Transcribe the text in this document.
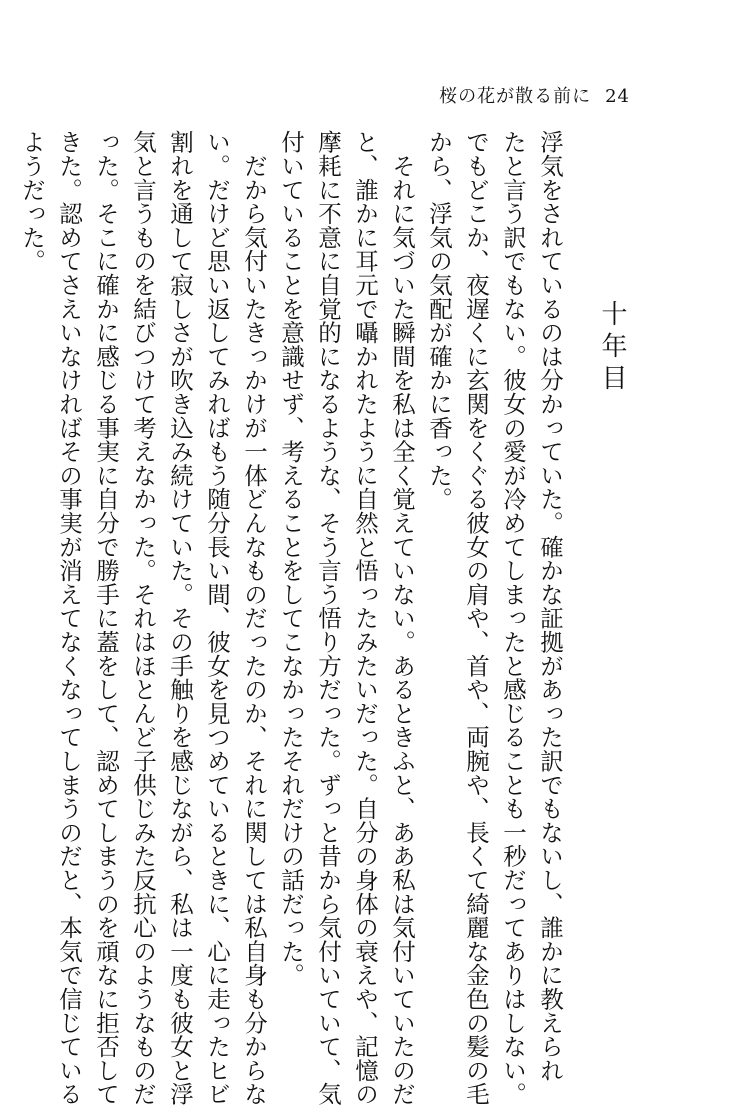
桜の花が散る前に 24
十年目
浮気をされているのは分かっていた。確かな証拠があった訳でもないし、誰かに教えられ
たと言う訳でもない。彼女の愛が冷めてしまったと感じることも一秒だってありはしない。
でもどこか、夜遅くに玄関をくぐる彼女の肩や、首や、両腕や、長くて綺麗な金色の髪の毛
から、浮気の気配が確かに香った。
　それに気づいた瞬間を私は全く覚えていない。あるときふと、ああ私は気付いていたのだ
と、誰かに耳元で囁かれたように自然と悟ったみたいだった。自分の身体の衰えや、記憶の
摩耗に不意に自覚的になるような、そう言う悟り方だった。ずっと昔から気付いていて、気
付いていることを意識せず、考えることをしてこなかったそれだけの話だった。
　だから気付いたきっかけが一体どんなものだったのか、それに関しては私自身も分からな
い。だけど思い返してみればもう随分長い間、彼女を見つめているときに、心に走ったヒビ
割れを通して寂しさが吹き込み続けていた。その手触りを感じながら、私は一度も彼女と浮
気と言うものを結びつけて考えなかった。それはほとんど子供じみた反抗心のようなものだ
った。そこに確かに感じる事実に自分で勝手に蓋をして、認めてしまうのを頑なに拒否して
きた。認めてさえいなければその事実が消えてなくなってしまうのだと、本気で信じている
ようだった。
